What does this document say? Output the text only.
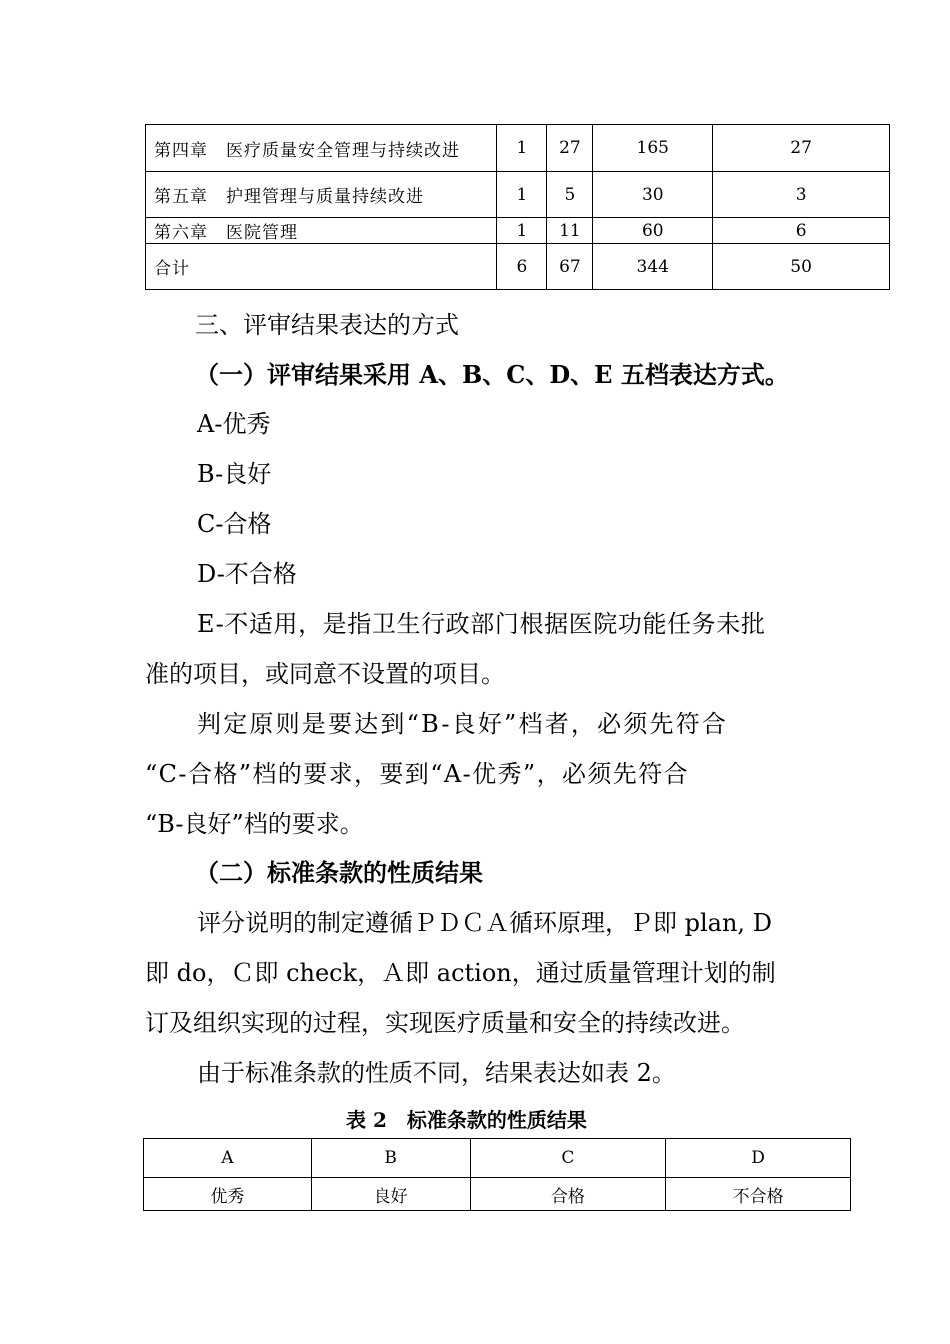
第四章　医疗质量安全管理与持续改进	1	27	165	27
第五章　护理管理与质量持续改进	1	5	30	3
第六章　医院管理	1	11	60	6
合计	6	67	344	50
三、评审结果表达的方式
（一）评审结果采用 A、B、C、D、E 五档表达方式。
A-优秀
B-良好
C-合格
D-不合格
E-不适用，是指卫生行政部门根据医院功能任务未批
准的项目，或同意不设置的项目。
判定原则是要达到“B-良好”档者，必须先符合
“C-合格”档的要求，要到“A-优秀”，必须先符合
“B-良好”档的要求。
（二）标准条款的性质结果
评分说明的制定遵循ＰＤＣＡ循环原理，Ｐ即 plan, D
即 do，Ｃ即 check，Ａ即 action，通过质量管理计划的制
订及组织实现的过程，实现医疗质量和安全的持续改进。
由于标准条款的性质不同，结果表达如表 2。
表 2　标准条款的性质结果
A	B	C	D
优秀	良好	合格	不合格
